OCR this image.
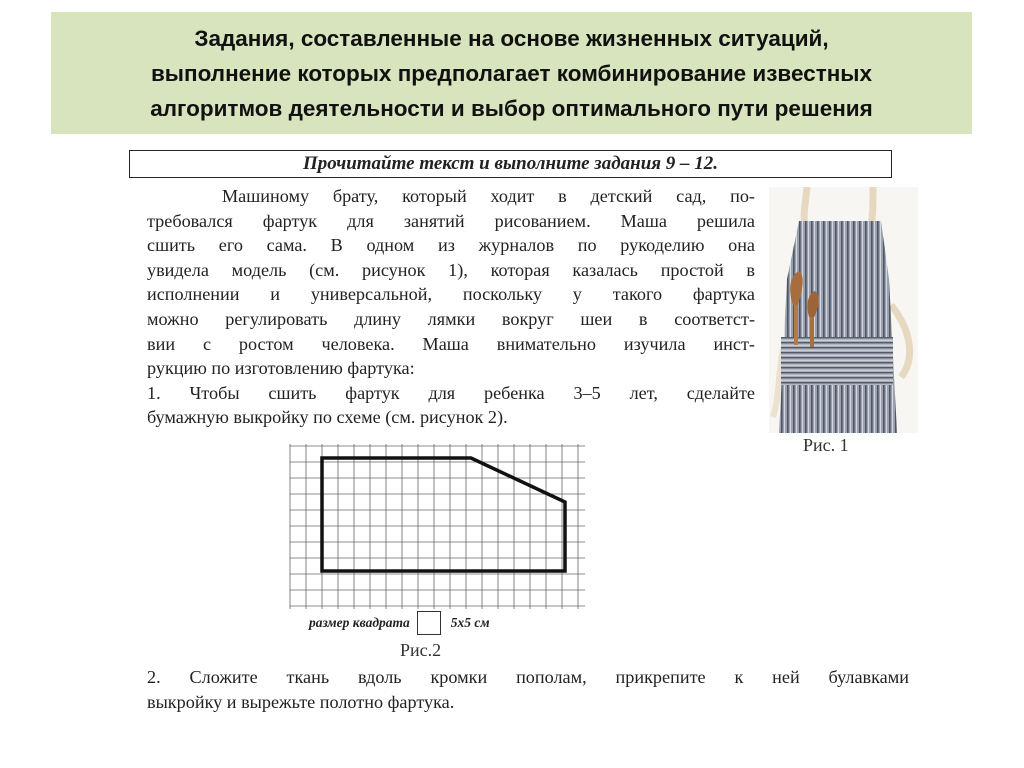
Задания, составленные на основе жизненных ситуаций,
выполнение которых предполагает комбинирование известных
алгоритмов деятельности и выбор оптимального пути решения
Прочитайте текст и выполните задания 9 – 12.

Машиному брату, который ходит в детский сад, по-
требовался фартук для занятий рисованием. Маша решила
сшить его сама. В одном из журналов по рукоделию она
увидела модель (см. рисунок 1), которая казалась простой в
исполнении и универсальной, поскольку у такого фартука
можно регулировать длину лямки вокруг шеи в соответст-
вии с ростом человека. Маша внимательно изучила инст-
рукцию по изготовлению фартука:
1. Чтобы сшить фартук для ребенка 3–5 лет, сделайте
бумажную выкройку по схеме (см. рисунок 2).

Рис. 1
размер квадрата	5х5 см
Рис.2

2. Сложите ткань вдоль кромки пополам, прикрепите к ней булавками
выкройку и вырежьте полотно фартука.
